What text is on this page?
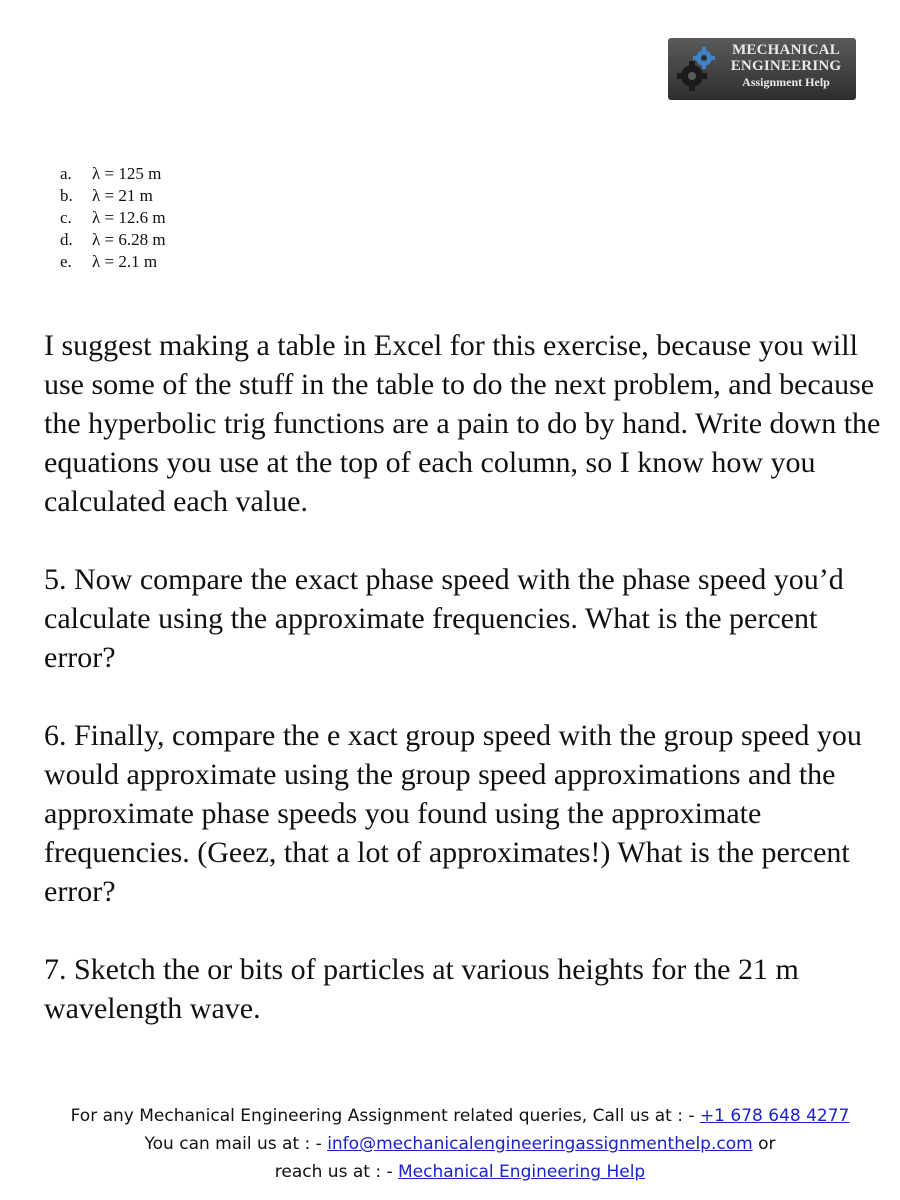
MECHANICAL
ENGINEERING
Assignment Help
a. λ = 125 m
b. λ = 21 m
c. λ = 12.6 m
d. λ = 6.28 m
e. λ = 2.1 m

I suggest making a table in Excel for this exercise, because you will use some of the stuff in the table to do the next problem, and because the hyperbolic trig functions are a pain to do by hand. Write down the equations you use at the top of each column, so I know how you calculated each value.

5. Now compare the exact phase speed with the phase speed you’d calculate using the approximate frequencies. What is the percent error?

6. Finally, compare the e xact group speed with the group speed you would approximate using the group speed approximations and the approximate phase speeds you found using the approximate frequencies. (Geez, that a lot of approximates!) What is the percent error?

7. Sketch the or bits of particles at various heights for the 21 m wavelength wave.

For any Mechanical Engineering Assignment related queries, Call us at : - +1 678 648 4277
You can mail us at : - info@mechanicalengineeringassignmenthelp.com or
reach us at : - Mechanical Engineering Help
